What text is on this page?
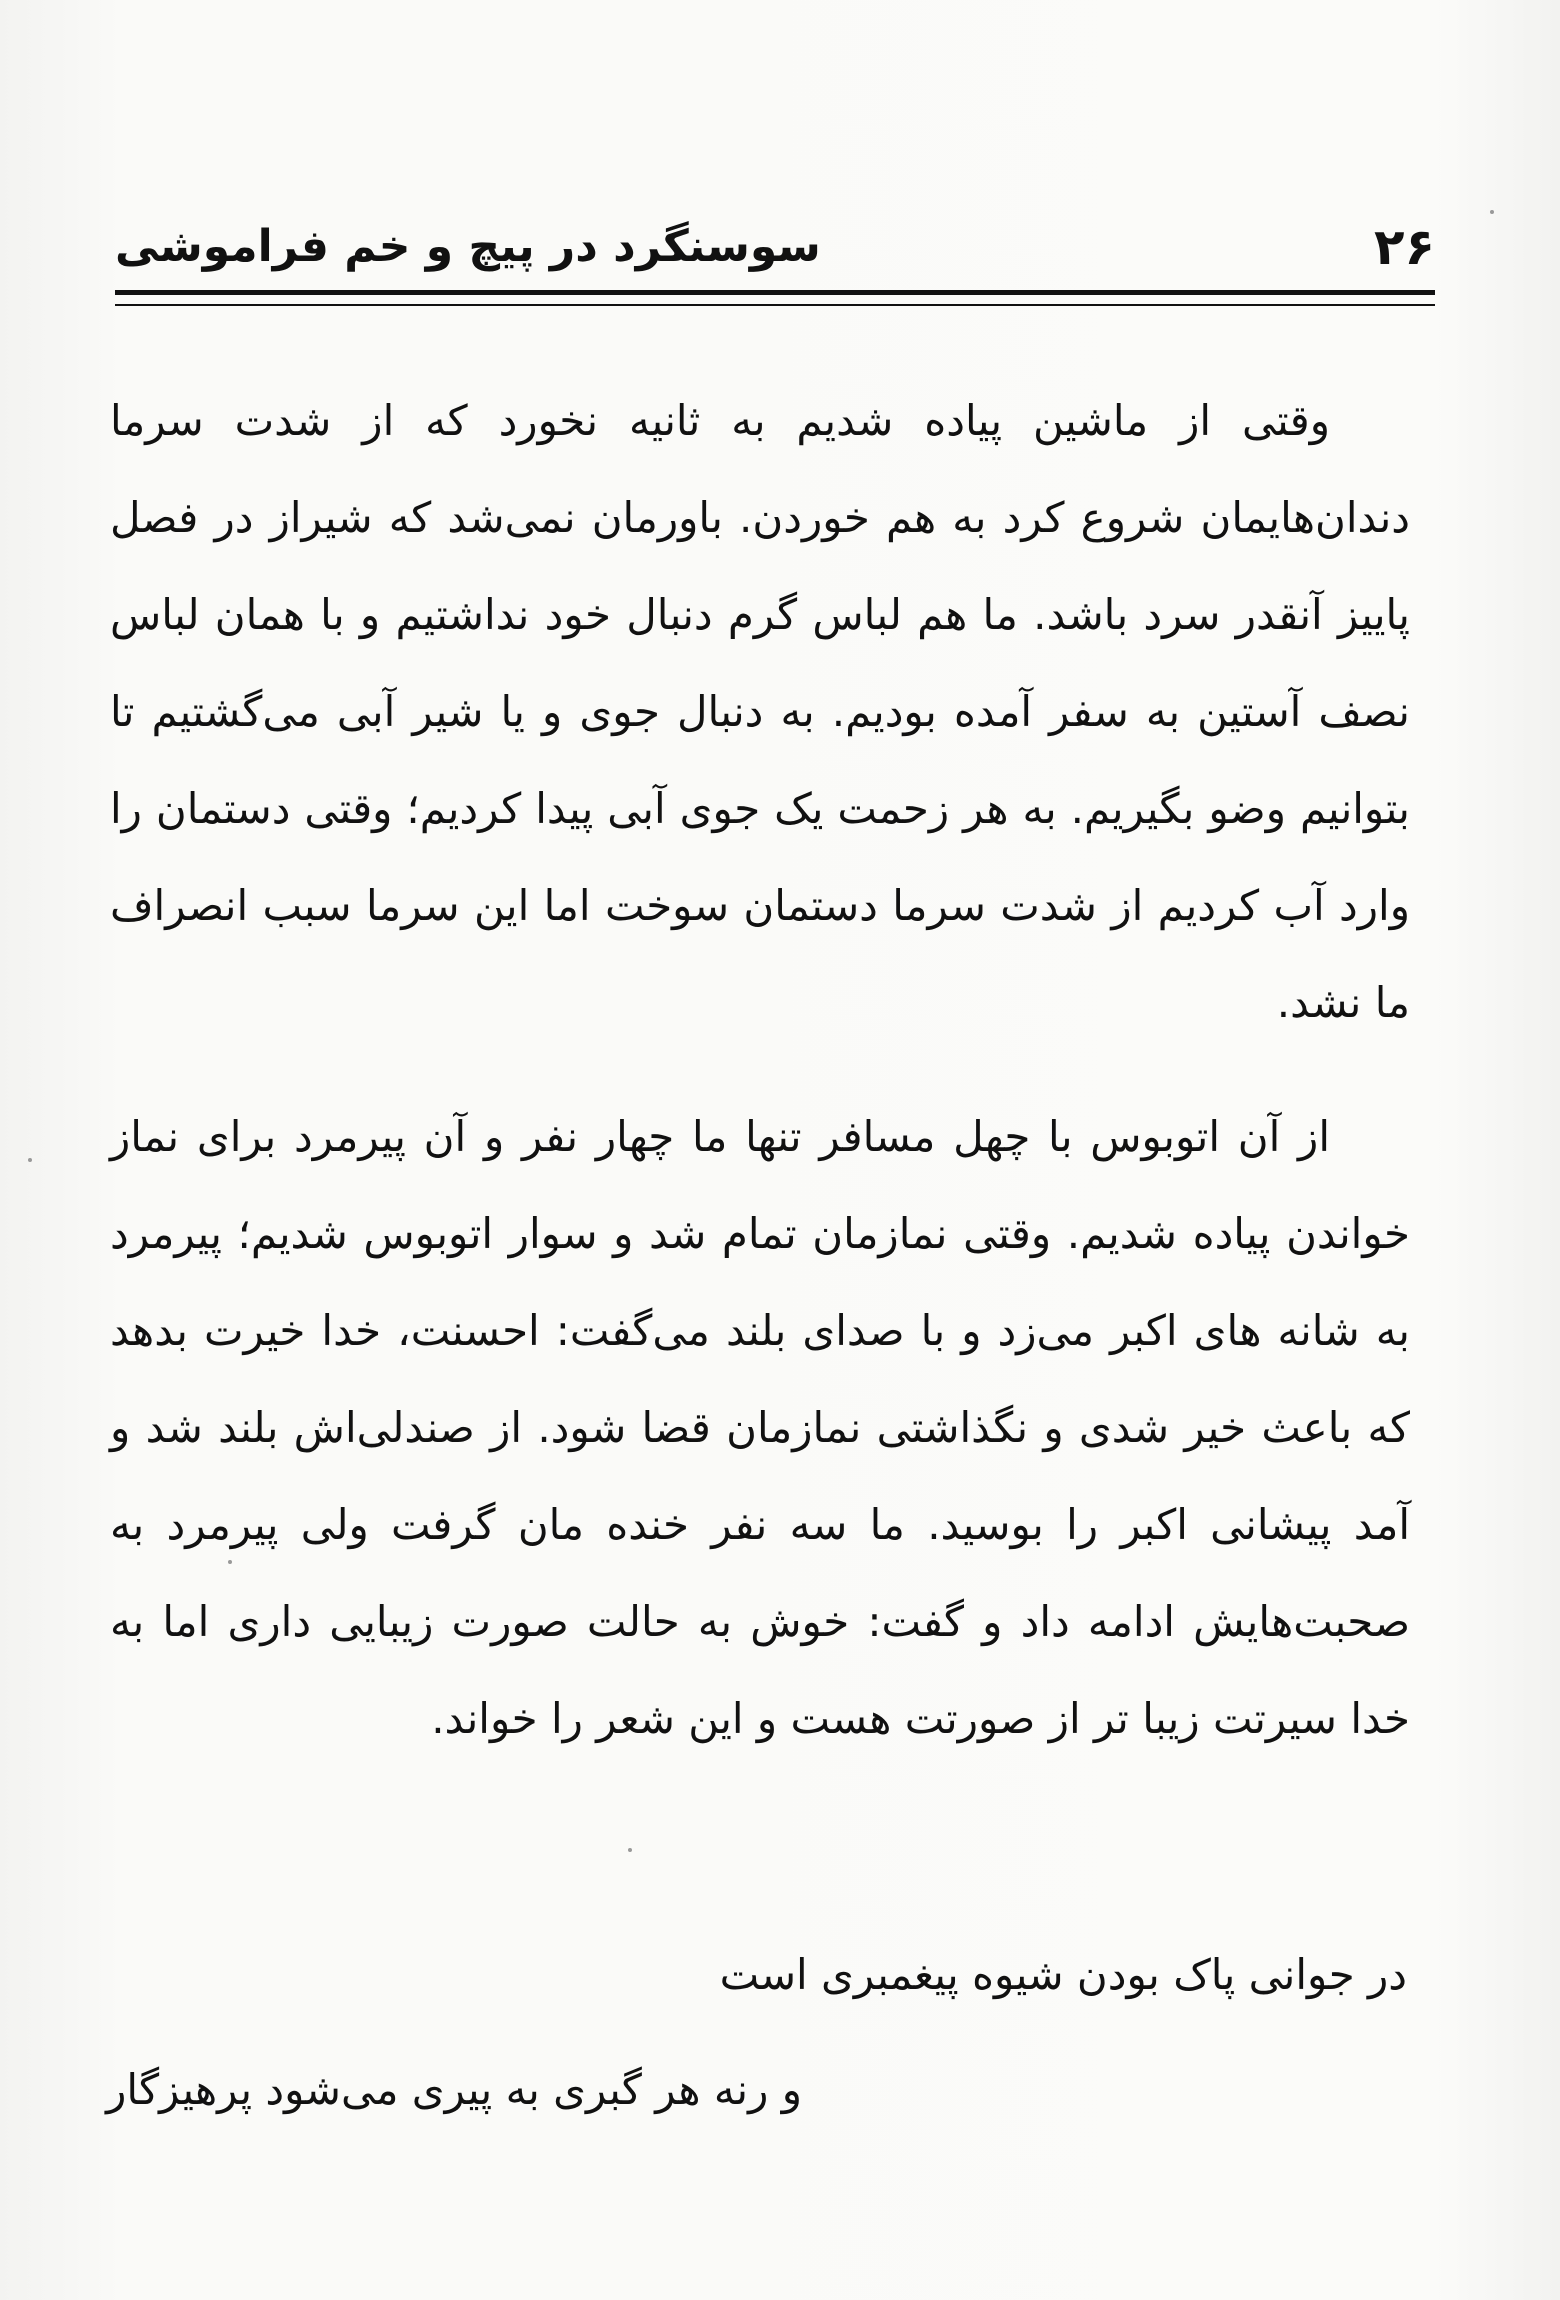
۲۶
سوسنگرد در پیچ و خم فراموشی

وقتی از ماشین پیاده شدیم به ثانیه نخورد که از شدت سرما دندان‌هایمان شروع کرد به هم خوردن. باورمان نمی‌شد که شیراز در فصل پاییز آنقدر سرد باشد. ما هم لباس گرم دنبال خود نداشتیم و با همان لباس نصف آستین به سفر آمده بودیم. به دنبال جوی و یا شیر آبی می‌گشتیم تا بتوانیم وضو بگیریم. به هر زحمت یک جوی آبی پیدا کردیم؛ وقتی دستمان را وارد آب کردیم از شدت سرما دستمان سوخت اما این سرما سبب انصراف ما نشد.

از آن اتوبوس با چهل مسافر تنها ما چهار نفر و آن پیرمرد برای نماز خواندن پیاده شدیم. وقتی نمازمان تمام شد و سوار اتوبوس شدیم؛ پیرمرد به شانه های اکبر می‌زد و با صدای بلند می‌گفت: احسنت، خدا خیرت بدهد که باعث خیر شدی و نگذاشتی نمازمان قضا شود. از صندلی‌اش بلند شد و آمد پیشانی اکبر را بوسید. ما سه نفر خنده مان گرفت ولی پیرمرد به صحبت‌هایش ادامه داد و گفت: خوش به حالت صورت زیبایی داری اما به خدا سیرتت زیبا تر از صورتت هست و این شعر را خواند.

در جوانی پاک بودن شیوه پیغمبری است
و رنه هر گبری به پیری می‌شود پرهیزگار
